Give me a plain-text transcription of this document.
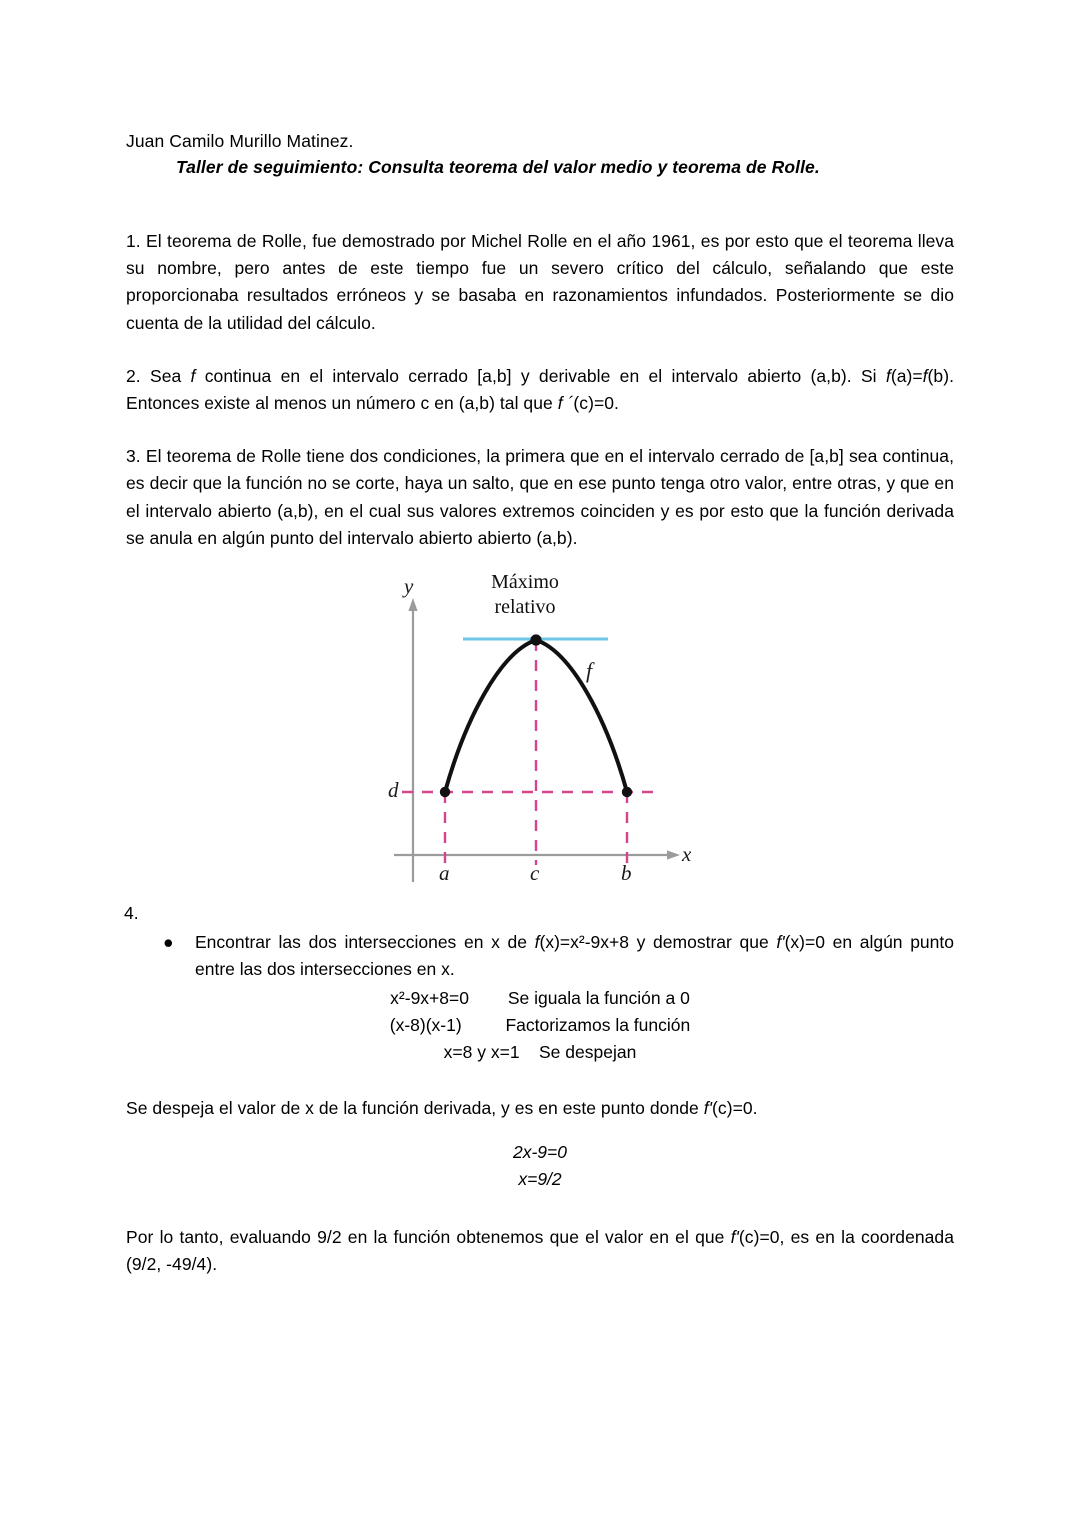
Juan Camilo Murillo Matinez.
Taller de seguimiento: Consulta teorema del valor medio y teorema de Rolle.

1. El teorema de Rolle, fue demostrado por Michel Rolle en el año 1961, es por esto que el teorema lleva su nombre, pero antes de este tiempo fue un severo crítico del cálculo, señalando que este proporcionaba resultados erróneos y se basaba en razonamientos infundados. Posteriormente se dio cuenta de la utilidad del cálculo.

2. Sea f continua en el intervalo cerrado [a,b] y derivable en el intervalo abierto (a,b). Si f(a)=f(b). Entonces existe al menos un número c en (a,b) tal que f ´(c)=0.

3. El teorema de Rolle tiene dos condiciones, la primera que en el intervalo cerrado de [a,b] sea continua, es decir que la función no se corte, haya un salto, que en ese punto tenga otro valor, entre otras, y que en el intervalo abierto (a,b), en el cual sus valores extremos coinciden y es por esto que la función derivada se anula en algún punto del intervalo abierto abierto (a,b).

Máximo
relativo
y
x
d
a	c	b
f
4.
●	Encontrar las dos intersecciones en x de f(x)=x²-9x+8 y demostrar que f'(x)=0 en algún punto entre las dos intersecciones en x.
x²-9x+8=0        Se iguala la función a 0
(x-8)(x-1)         Factorizamos la función
x=8 y x=1    Se despejan

Se despeja el valor de x de la función derivada, y es en este punto donde f'(c)=0.

2x-9=0
x=9/2

Por lo tanto, evaluando 9/2 en la función obtenemos que el valor en el que f'(c)=0, es en la coordenada (9/2, -49/4).
